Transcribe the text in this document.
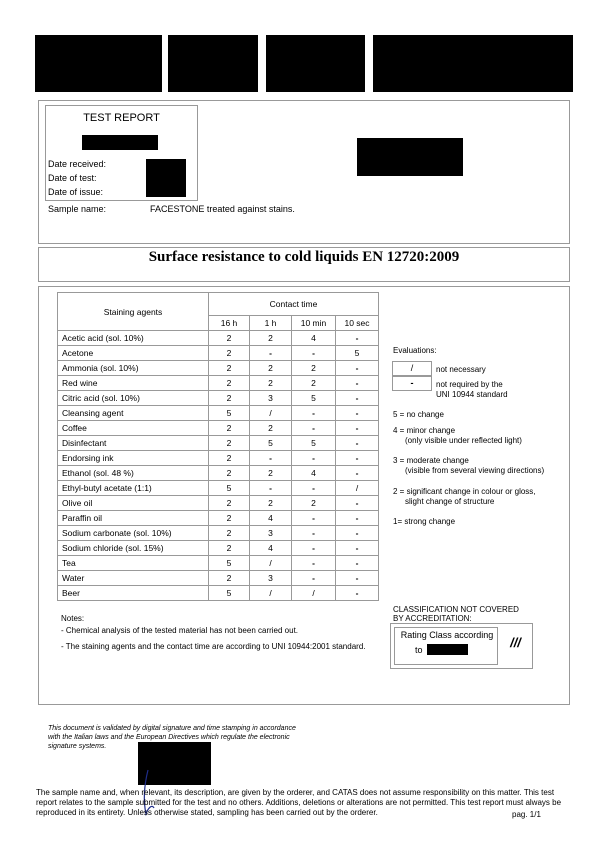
TEST REPORT
Date received:
Date of test:
Date of issue:
Sample name:	FACESTONE treated against stains.
Surface resistance to cold liquids EN 12720:2009
Staining agents	Contact time			
	16 h	1 h	10 min	10 sec
Acetic acid (sol. 10%)	2	2	4	-
Acetone	2	-	-	5
Ammonia (sol. 10%)	2	2	2	-
Red wine	2	2	2	-
Citric acid (sol. 10%)	2	3	5	-
Cleansing agent	5	/	-	-
Coffee	2	2	-	-
Disinfectant	2	5	5	-
Endorsing ink	2	-	-	-
Ethanol (sol. 48 %)	2	2	4	-
Ethyl-butyl acetate (1:1)	5	-	-	/
Olive oil	2	2	2	-
Paraffin oil	2	4	-	-
Sodium carbonate (sol. 10%)	2	3	-	-
Sodium chloride (sol. 15%)	2	4	-	-
Tea	5	/	-	-
Water	2	3	-	-
Beer	5	/	/	-
Evaluations:
/	not necessary
-	not required by the
UNI 10944 standard
5 = no change
4 = minor change
(only visible under reflected light)
3 = moderate change
(visible from several viewing directions)
2 = significant change in colour or gloss,
slight change of structure
1= strong change
CLASSIFICATION NOT COVERED
BY ACCREDITATION:
Rating Class according
to	///
Notes:
- Chemical analysis of the tested material has not been carried out.
- The staining agents and the contact time are according to UNI 10944:2001 standard.
This document is validated by digital signature and time stamping in accordance
with the Italian laws and the European Directives which regulate the electronic
signature systems.
The sample name and, when relevant, its description, are given by the orderer, and CATAS does not assume responsibility on this matter. This test
report relates to the sample submitted for the test and no others. Additions, deletions or alterations are not permitted. This test report must always be
reproduced in its entirety. Unless otherwise stated, sampling has been carried out by the orderer.	pag. 1/1
